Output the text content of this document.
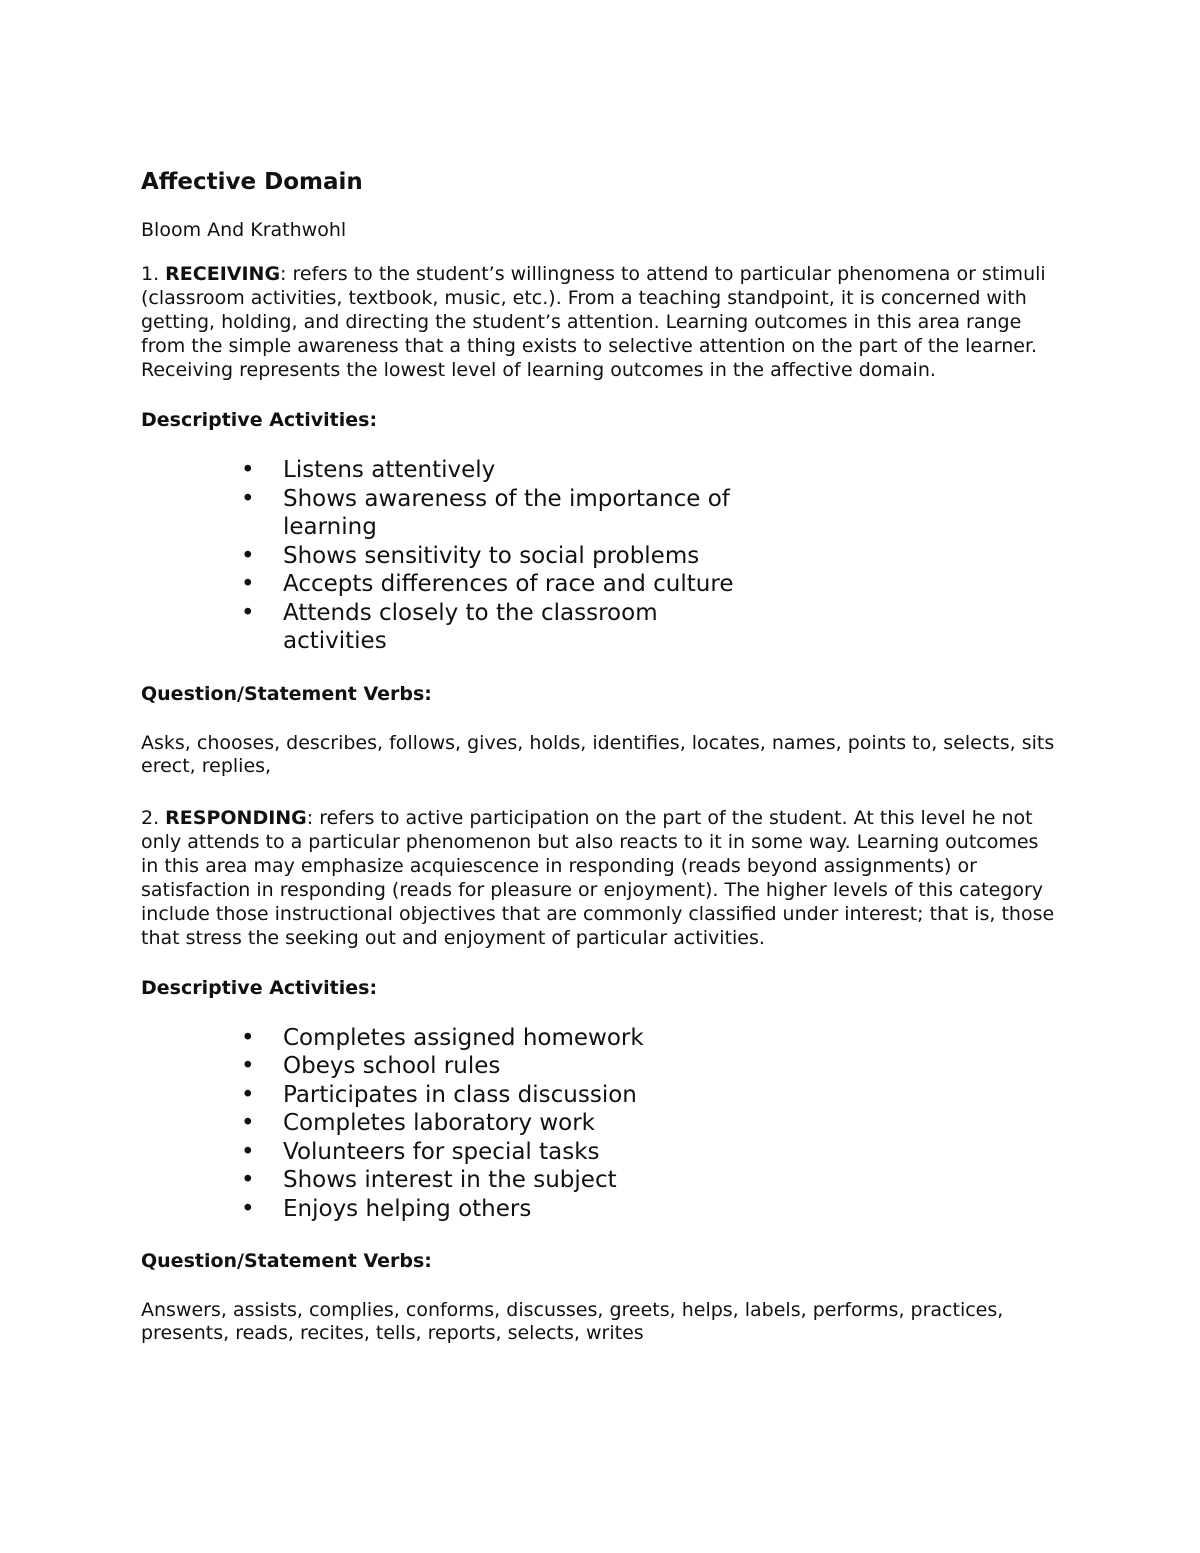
Affective Domain

Bloom And Krathwohl

1. RECEIVING: refers to the student’s willingness to attend to particular phenomena or stimuli (classroom activities, textbook, music, etc.). From a teaching standpoint, it is concerned with getting, holding, and directing the student’s attention. Learning outcomes in this area range from the simple awareness that a thing exists to selective attention on the part of the learner. Receiving represents the lowest level of learning outcomes in the affective domain.

Descriptive Activities:

• Listens attentively
• Shows awareness of the importance of learning
• Shows sensitivity to social problems
• Accepts differences of race and culture
• Attends closely to the classroom activities

Question/Statement Verbs:

Asks, chooses, describes, follows, gives, holds, identifies, locates, names, points to, selects, sits erect, replies,

2. RESPONDING: refers to active participation on the part of the student. At this level he not only attends to a particular phenomenon but also reacts to it in some way. Learning outcomes in this area may emphasize acquiescence in responding (reads beyond assignments) or satisfaction in responding (reads for pleasure or enjoyment). The higher levels of this category include those instructional objectives that are commonly classified under interest; that is, those that stress the seeking out and enjoyment of particular activities.

Descriptive Activities:

• Completes assigned homework
• Obeys school rules
• Participates in class discussion
• Completes laboratory work
• Volunteers for special tasks
• Shows interest in the subject
• Enjoys helping others

Question/Statement Verbs:

Answers, assists, complies, conforms, discusses, greets, helps, labels, performs, practices, presents, reads, recites, tells, reports, selects, writes
